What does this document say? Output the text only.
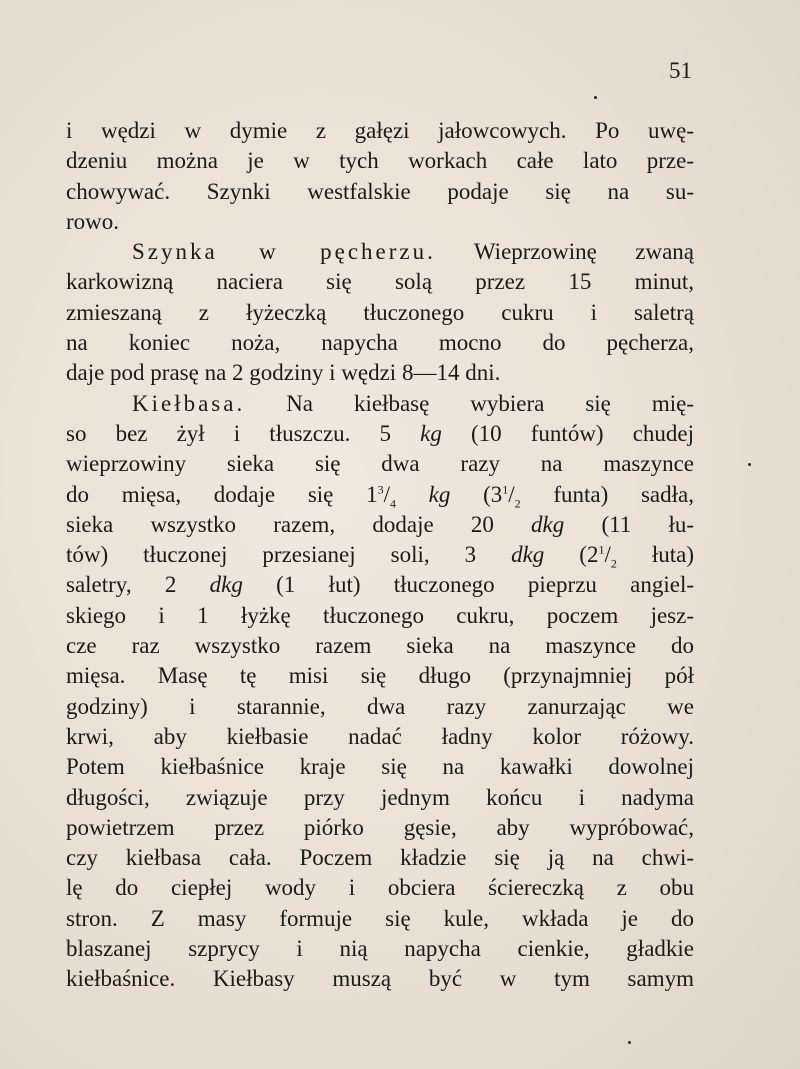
51
i wędzi w dymie z gałęzi jałowcowych. Po uwę-
dzeniu można je w tych workach całe lato prze-
chowywać. Szynki westfalskie podaje się na su-
rowo.
Szynka w pęcherzu. Wieprzowinę zwaną
karkowizną naciera się solą przez 15 minut,
zmieszaną z łyżeczką tłuczonego cukru i saletrą
na koniec noża, napycha mocno do pęcherza,
daje pod prasę na 2 godziny i wędzi 8—14 dni.
Kiełbasa. Na kiełbasę wybiera się mię-
so bez żył i tłuszczu. 5 kg (10 funtów) chudej
wieprzowiny sieka się dwa razy na maszynce
do mięsa, dodaje się $1^3/_4$ kg ($3^1/_2$ funta) sadła,
sieka wszystko razem, dodaje 20 dkg (11 łu-
tów) tłuczonej przesianej soli, 3 dkg ($2^1/_2$ łuta)
saletry, 2 dkg (1 łut) tłuczonego pieprzu angiel-
skiego i 1 łyżkę tłuczonego cukru, poczem jesz-
cze raz wszystko razem sieka na maszynce do
mięsa. Masę tę misi się długo (przynajmniej pół
godziny) i starannie, dwa razy zanurzając we
krwi, aby kiełbasie nadać ładny kolor różowy.
Potem kiełbaśnice kraje się na kawałki dowolnej
długości, związuje przy jednym końcu i nadyma
powietrzem przez piórko gęsie, aby wypróbować,
czy kiełbasa cała. Poczem kładzie się ją na chwi-
lę do ciepłej wody i obciera ściereczką z obu
stron. Z masy formuje się kule, wkłada je do
blaszanej szprycy i nią napycha cienkie, gładkie
kiełbaśnice. Kiełbasy muszą być w tym samym
